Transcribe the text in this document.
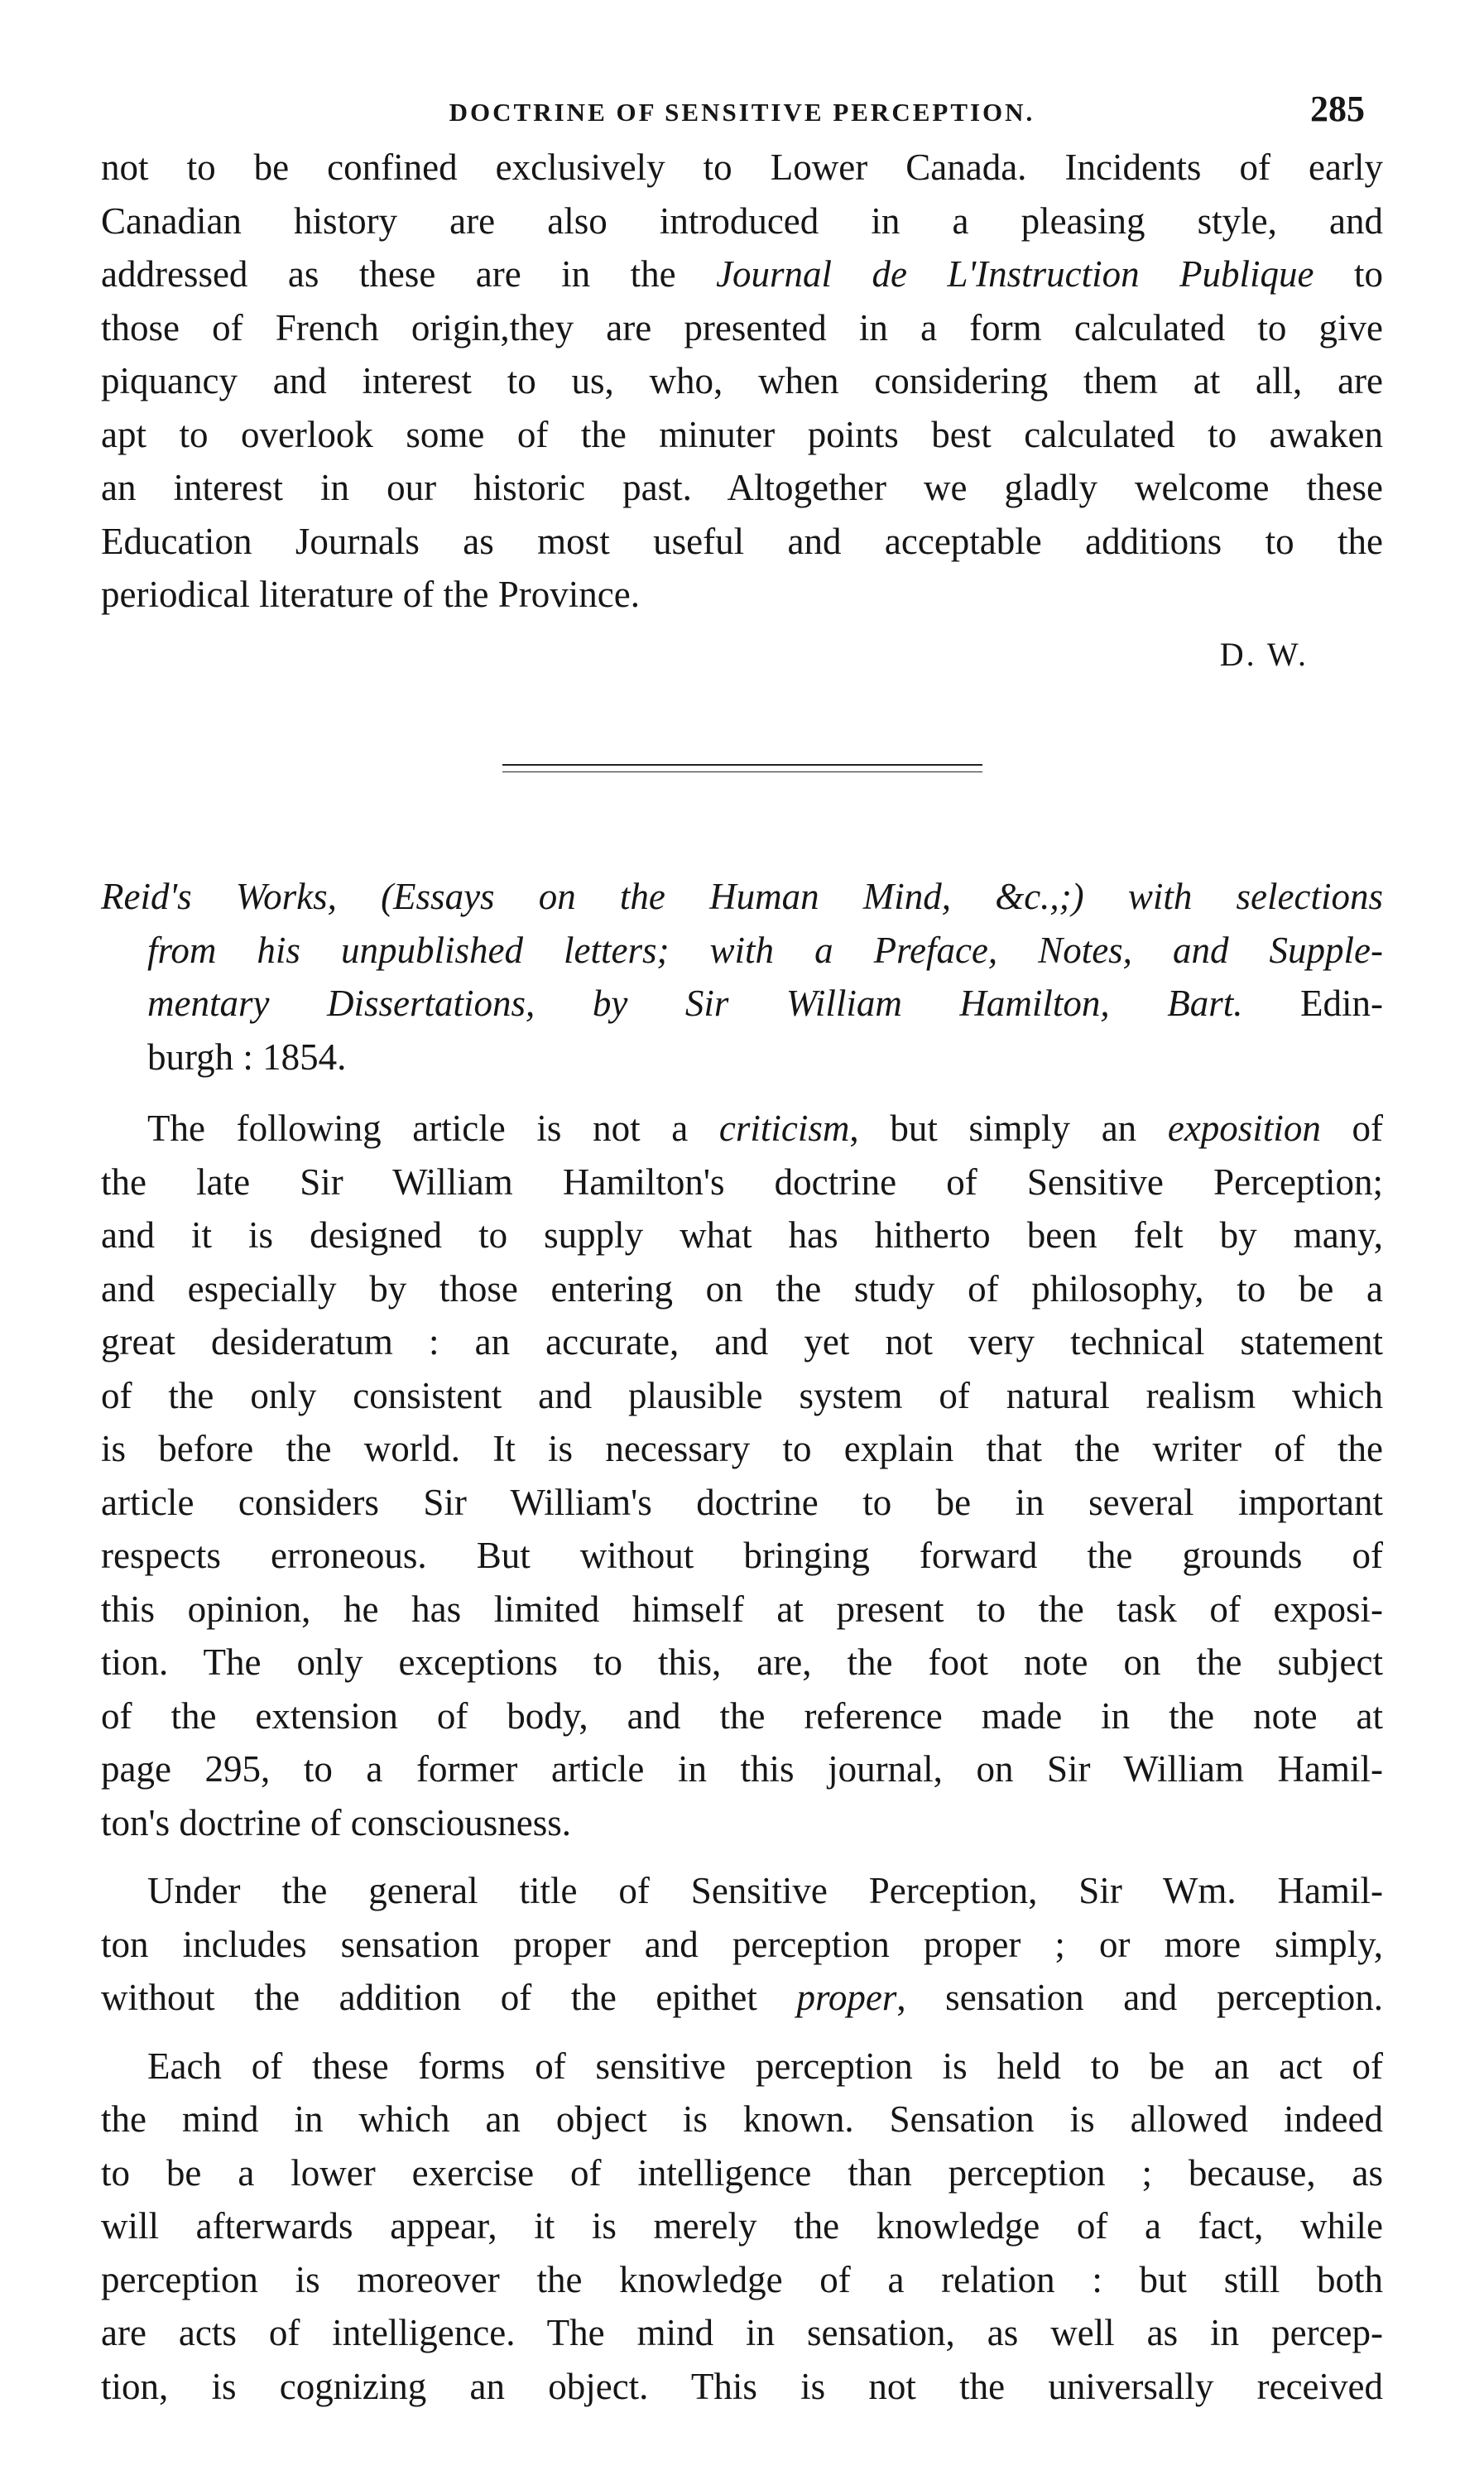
DOCTRINE OF SENSITIVE PERCEPTION.	285
not to be confined exclusively to Lower Canada. Incidents of early
Canadian history are also introduced in a pleasing style, and
addressed as these are in the Journal de L'Instruction Publique to
those of French origin,they are presented in a form calculated to give
piquancy and interest to us, who, when considering them at all, are
apt to overlook some of the minuter points best calculated to awaken
an interest in our historic past. Altogether we gladly welcome these
Education Journals as most useful and acceptable additions to the
periodical literature of the Province.
D. W.
Reid's Works, (Essays on the Human Mind, &c.,;) with selections
from his unpublished letters; with a Preface, Notes, and Supple-
mentary Dissertations, by Sir William Hamilton, Bart. Edin-
burgh : 1854.
The following article is not a criticism, but simply an exposition of
the late Sir William Hamilton's doctrine of Sensitive Perception;
and it is designed to supply what has hitherto been felt by many,
and especially by those entering on the study of philosophy, to be a
great desideratum : an accurate, and yet not very technical statement
of the only consistent and plausible system of natural realism which
is before the world. It is necessary to explain that the writer of the
article considers Sir William's doctrine to be in several important
respects erroneous. But without bringing forward the grounds of
this opinion, he has limited himself at present to the task of exposi-
tion. The only exceptions to this, are, the foot note on the subject
of the extension of body, and the reference made in the note at
page 295, to a former article in this journal, on Sir William Hamil-
ton's doctrine of consciousness.
Under the general title of Sensitive Perception, Sir Wm. Hamil-
ton includes sensation proper and perception proper ; or more simply,
without the addition of the epithet proper, sensation and perception.
Each of these forms of sensitive perception is held to be an act of
the mind in which an object is known. Sensation is allowed indeed
to be a lower exercise of intelligence than perception ; because, as
will afterwards appear, it is merely the knowledge of a fact, while
perception is moreover the knowledge of a relation : but still both
are acts of intelligence. The mind in sensation, as well as in percep-
tion, is cognizing an object. This is not the universally received
